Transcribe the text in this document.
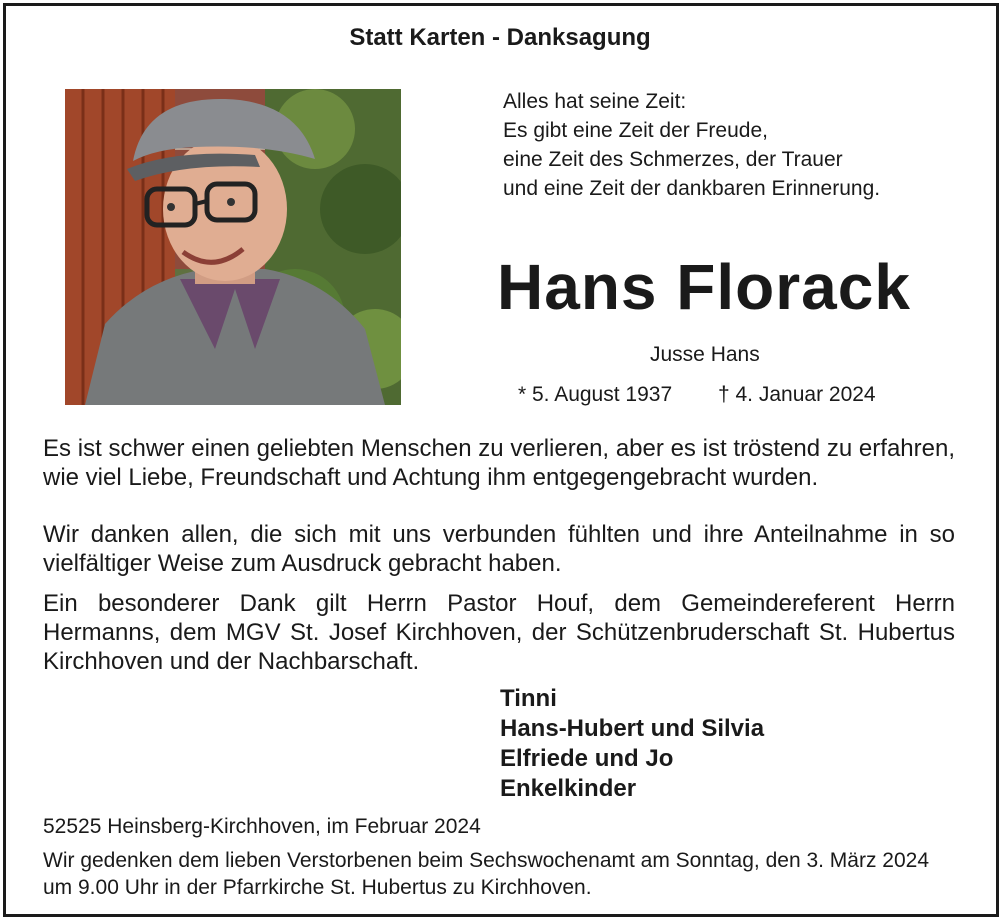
Statt Karten - Danksagung
Alles hat seine Zeit:
Es gibt eine Zeit der Freude,
eine Zeit des Schmerzes, der Trauer
und eine Zeit der dankbaren Erinnerung.
Hans Florack
Jusse Hans
* 5. August 1937 † 4. Januar 2024
Es ist schwer einen geliebten Menschen zu verlieren, aber es ist tröstend zu erfahren, wie viel Liebe, Freundschaft und Achtung ihm entgegengebracht wurden.
Wir danken allen, die sich mit uns verbunden fühlten und ihre Anteilnahme in so vielfältiger Weise zum Ausdruck gebracht haben.
Ein besonderer Dank gilt Herrn Pastor Houf, dem Gemeindereferent Herrn Hermanns, dem MGV St. Josef Kirchhoven, der Schützenbruderschaft St. Hubertus Kirchhoven und der Nachbarschaft.
Tinni
Hans-Hubert und Silvia
Elfriede und Jo
Enkelkinder
52525 Heinsberg-Kirchhoven, im Februar 2024
Wir gedenken dem lieben Verstorbenen beim Sechswochenamt am Sonntag, den 3. März 2024 um 9.00 Uhr in der Pfarrkirche St. Hubertus zu Kirchhoven.
